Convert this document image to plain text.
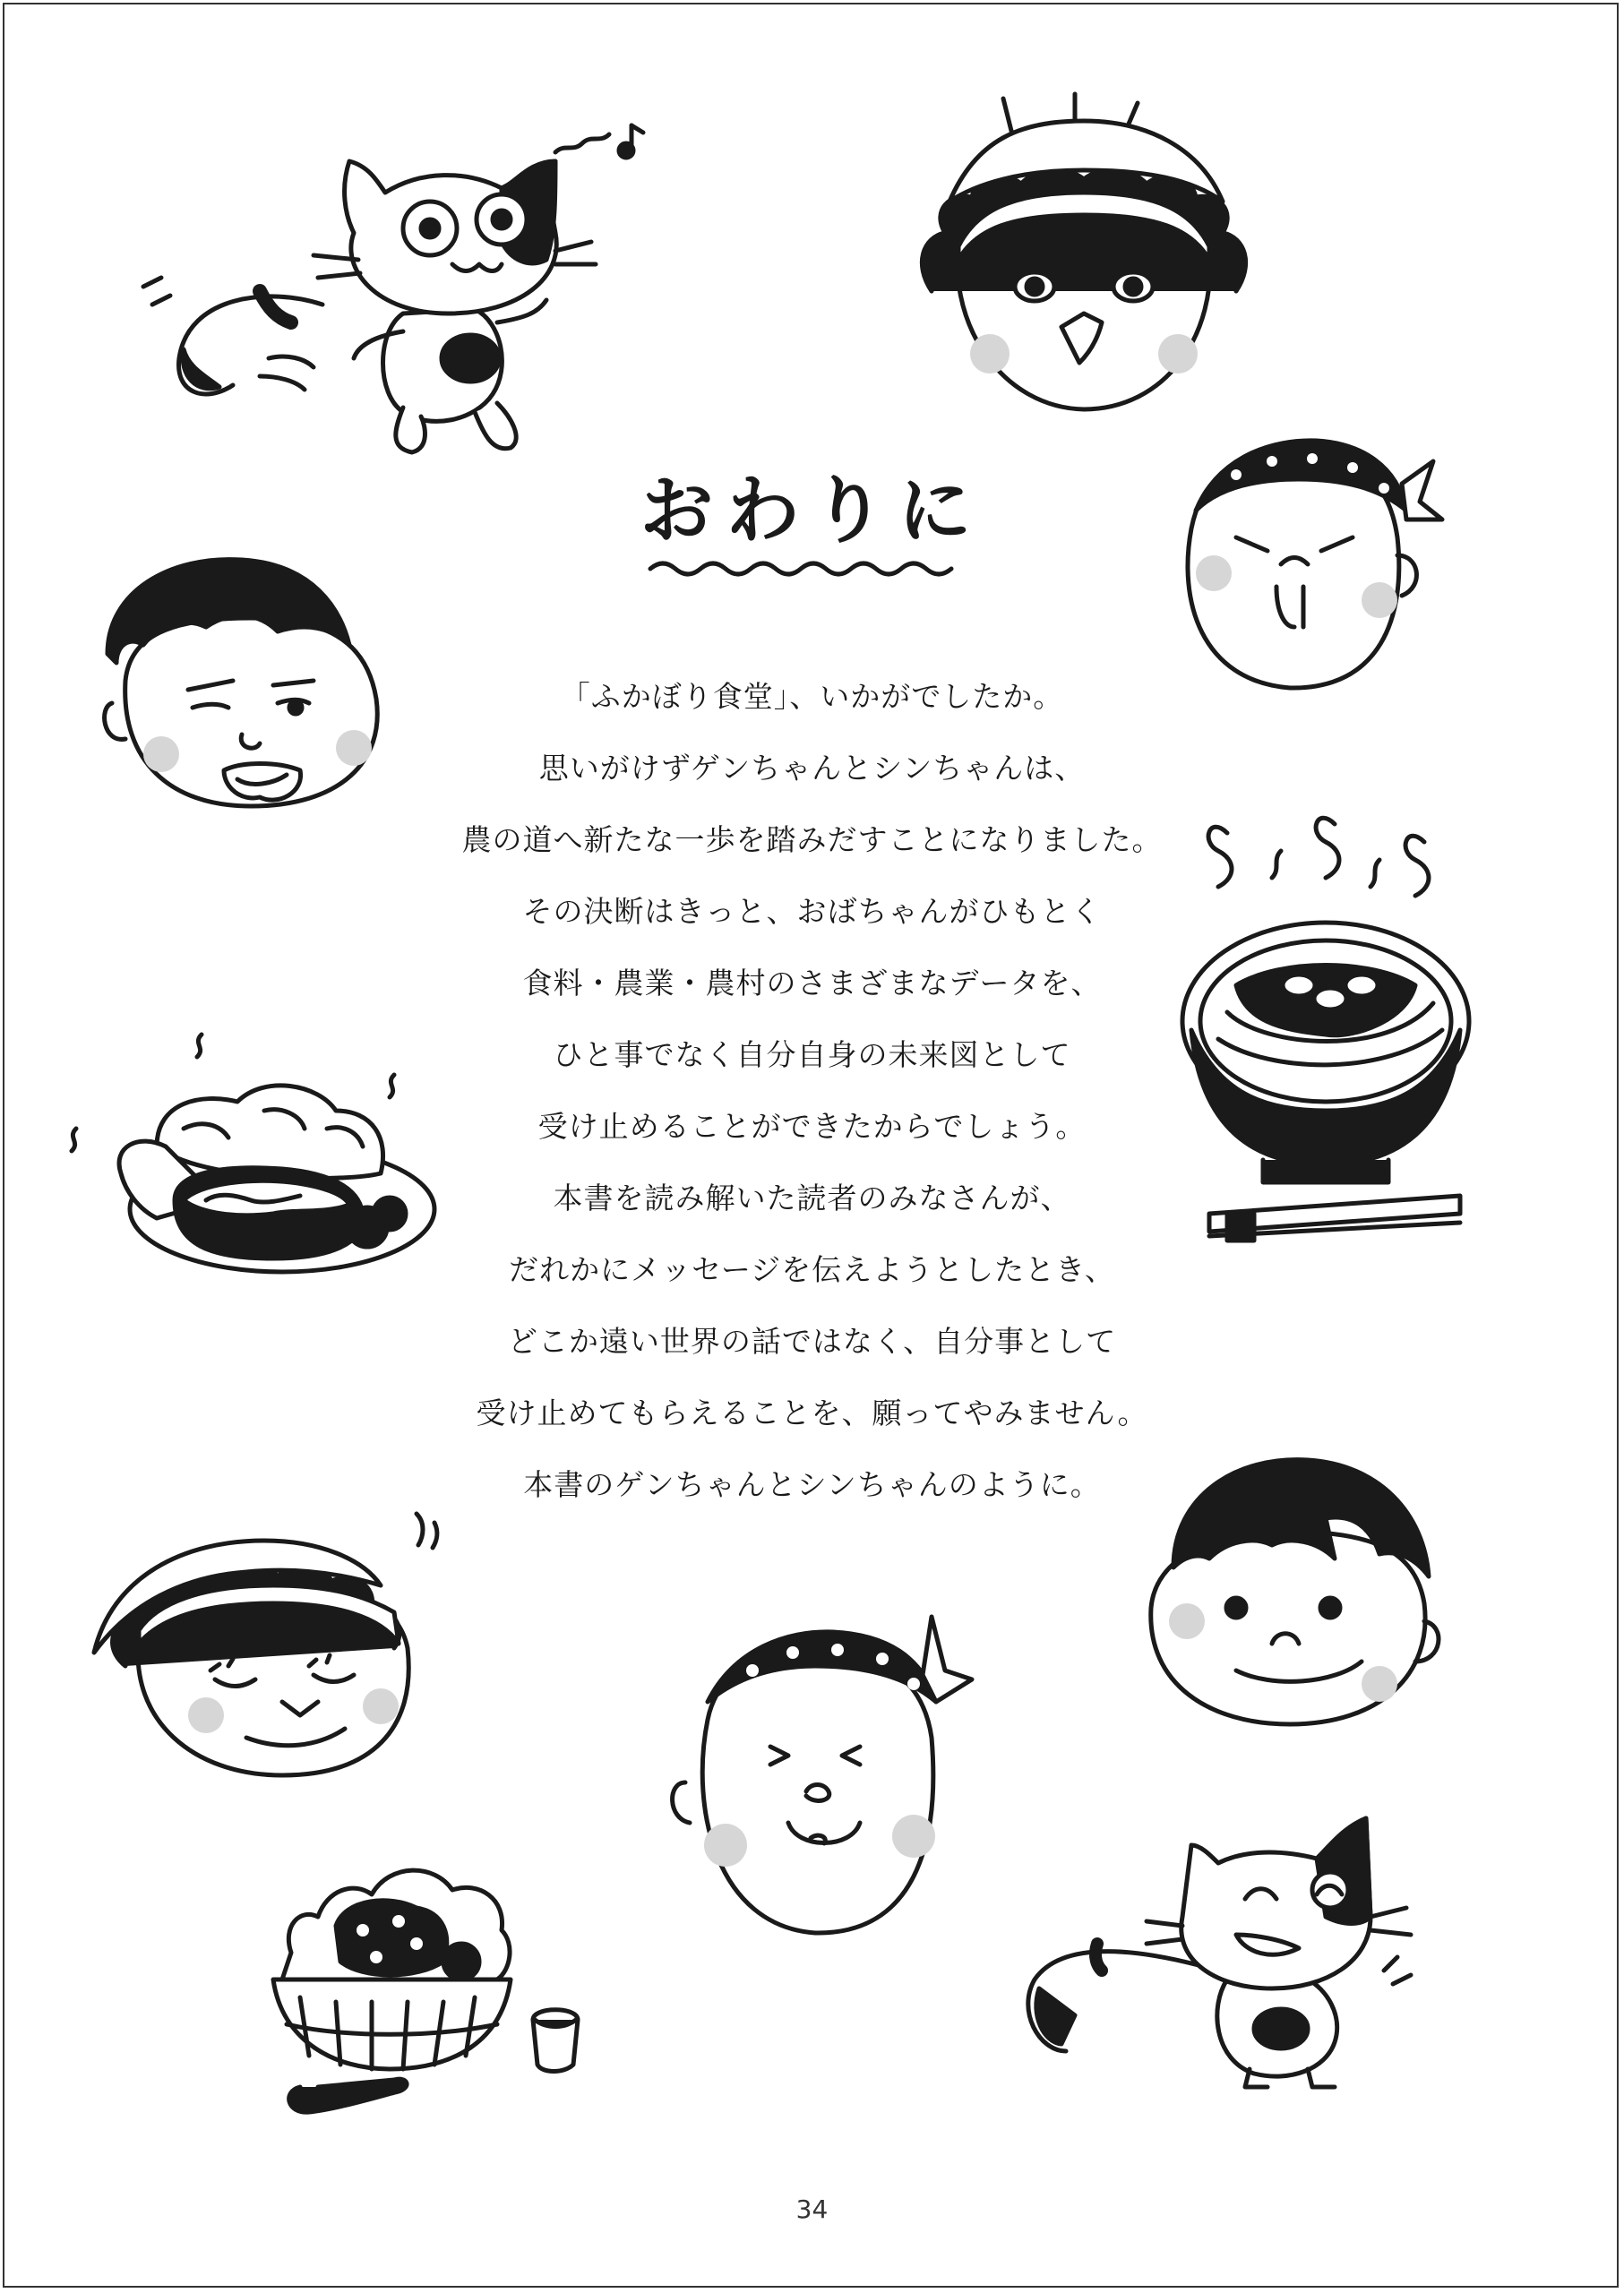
おわりに
「ふかぼり食堂」、いかがでしたか。
思いがけずゲンちゃんとシンちゃんは、
農の道へ新たな一歩を踏みだすことになりました。
その決断はきっと、おばちゃんがひもとく
食料・農業・農村のさまざまなデータを、
ひと事でなく自分自身の未来図として
受け止めることができたからでしょう。
本書を読み解いた読者のみなさんが、
だれかにメッセージを伝えようとしたとき、
どこか遠い世界の話ではなく、自分事として
受け止めてもらえることを、願ってやみません。
本書のゲンちゃんとシンちゃんのように。
34
